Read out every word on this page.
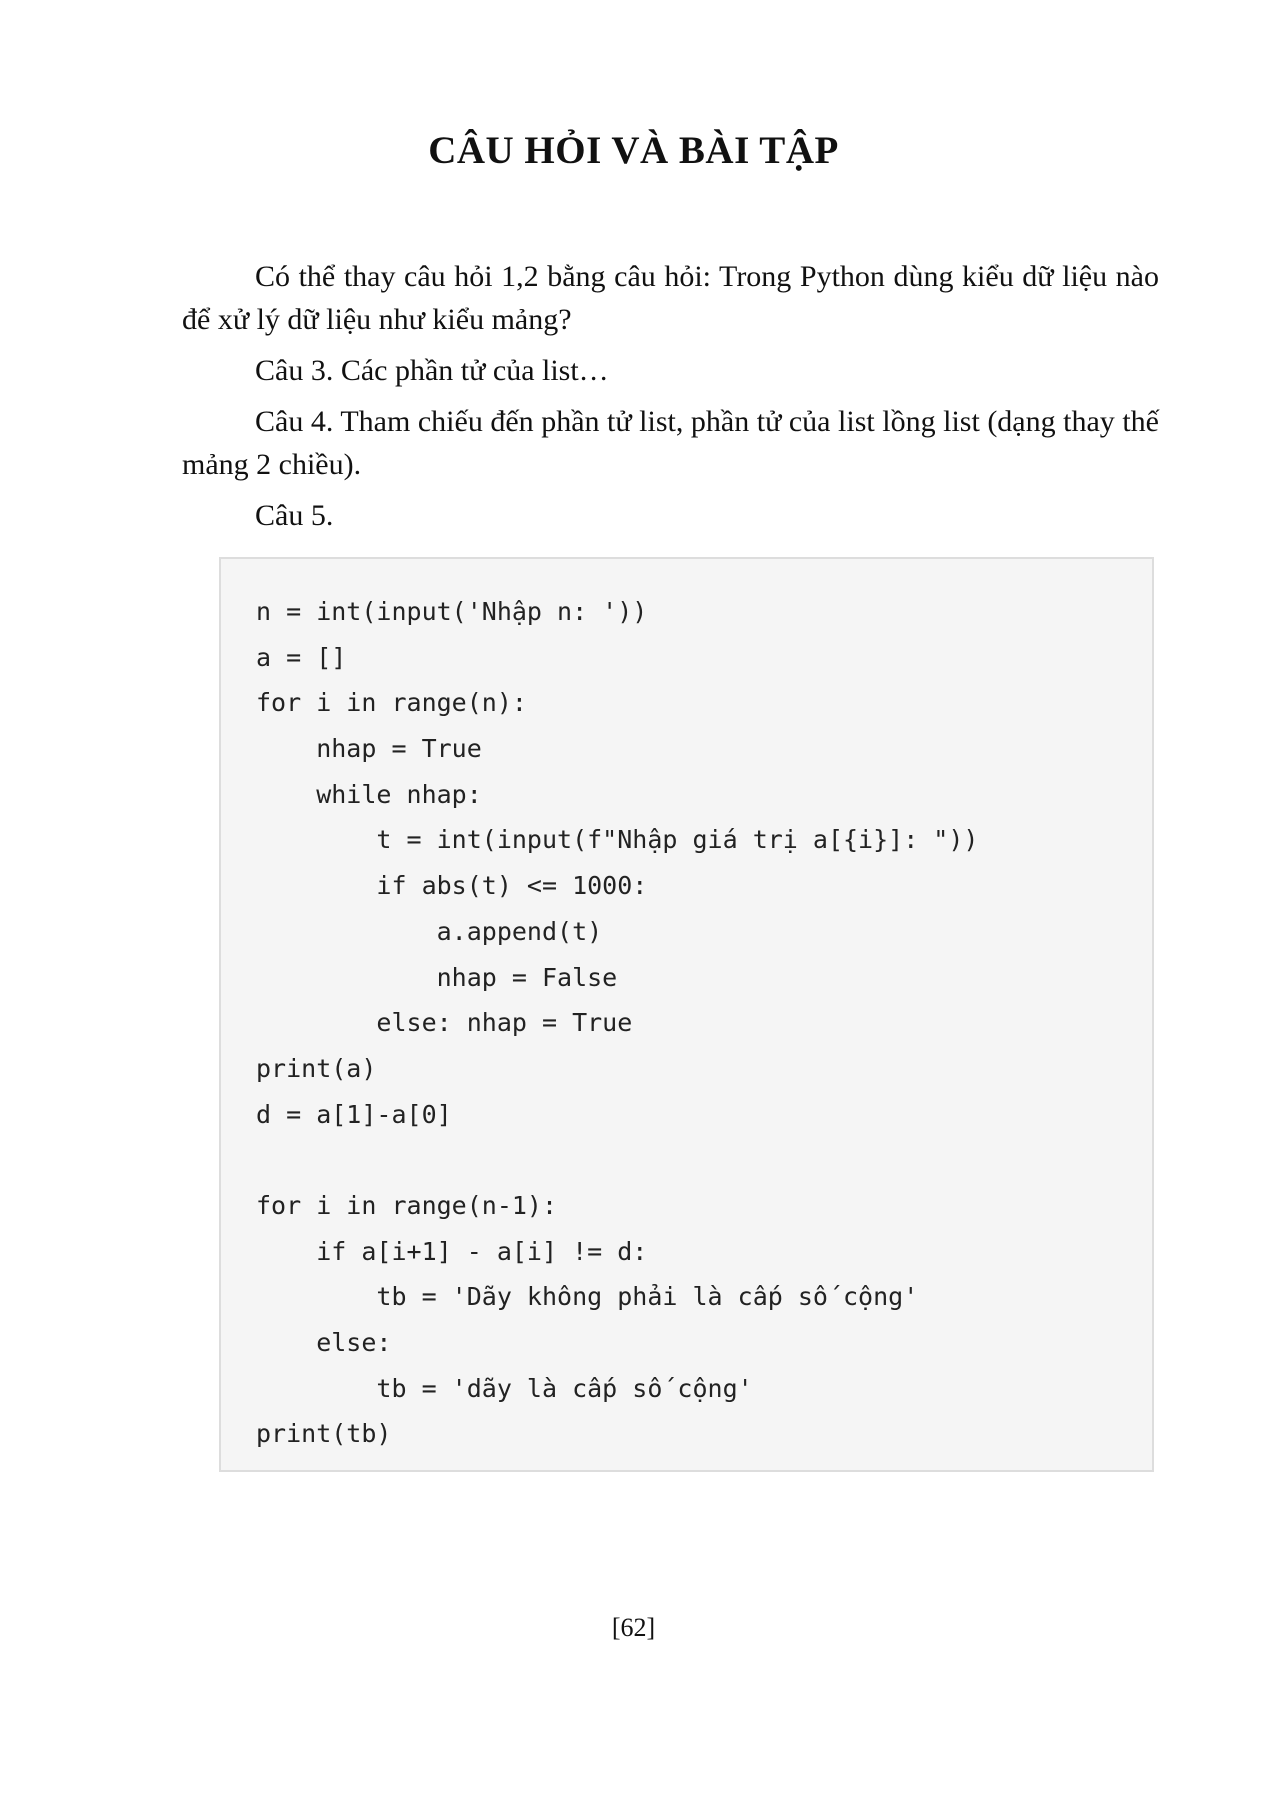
CÂU HỎI VÀ BÀI TẬP

Có thể thay câu hỏi 1,2 bằng câu hỏi: Trong Python dùng kiểu dữ liệu nào để xử lý dữ liệu như kiểu mảng?

Câu 3. Các phần tử của list…

Câu 4. Tham chiếu đến phần tử list, phần tử của list lồng list (dạng thay thế mảng 2 chiều).

Câu 5.

n = int(input('Nhập n: '))
a = []
for i in range(n):
nhap = True
while nhap:
t = int(input(f"Nhập giá trị a[{i}]: "))
if abs(t) <= 1000:
a.append(t)
nhap = False
else: nhap = True
print(a)
d = a[1]-a[0]
for i in range(n-1):
if a[i+1] - a[i] != d:
tb = 'Dãy không phải là cấp số cộng'
else:
tb = 'dãy là cấp số cộng'
print(tb)
[62]
